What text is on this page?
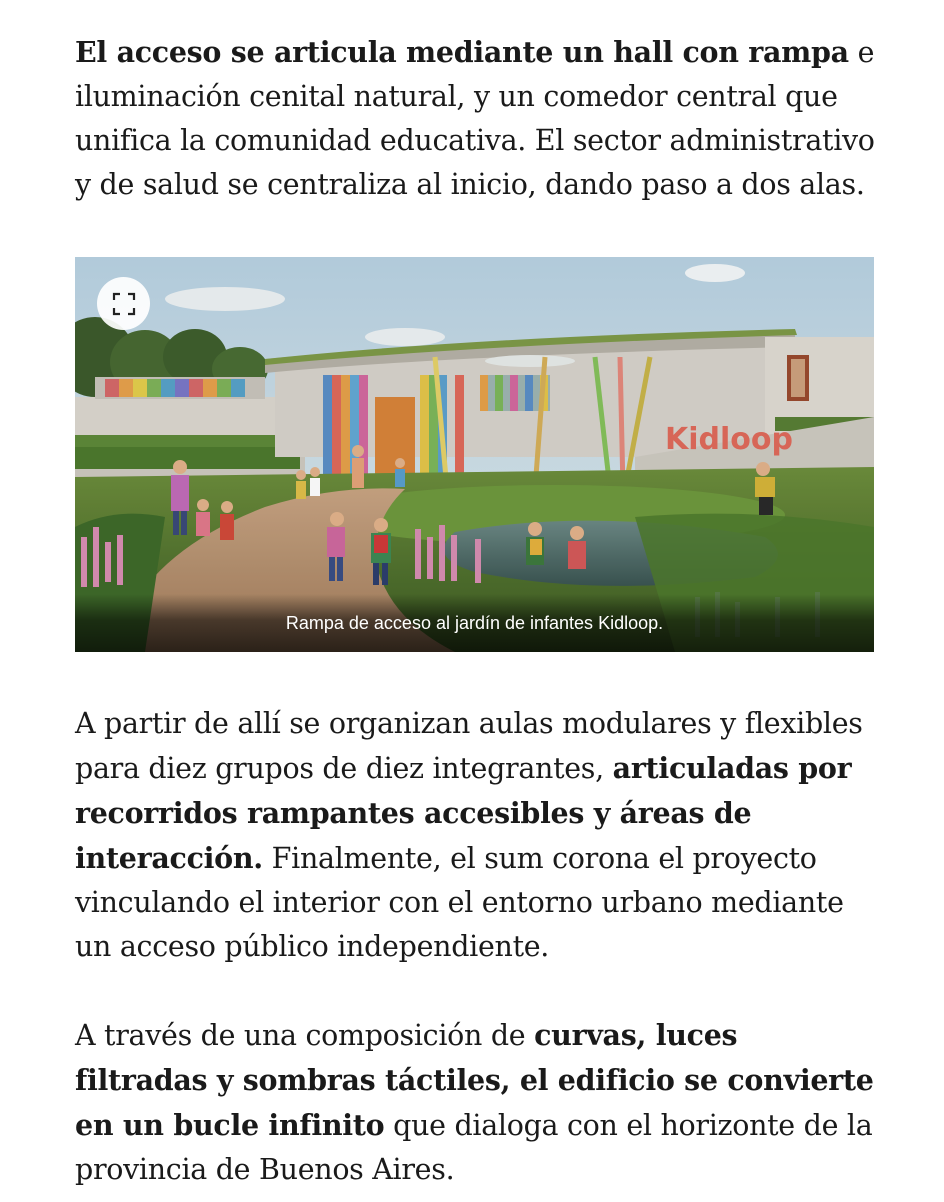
El acceso se articula mediante un hall con rampa e iluminación cenital natural, y un comedor central que unifica la comunidad educativa. El sector administrativo y de salud se centraliza al inicio, dando paso a dos alas.

Kidloop
Rampa de acceso al jardín de infantes Kidloop.

A partir de allí se organizan aulas modulares y flexibles para diez grupos de diez integrantes, articuladas por recorridos rampantes accesibles y áreas de interacción. Finalmente, el sum corona el proyecto vinculando el interior con el entorno urbano mediante un acceso público independiente.

A través de una composición de curvas, luces filtradas y sombras táctiles, el edificio se convierte en un bucle infinito que dialoga con el horizonte de la provincia de Buenos Aires.
